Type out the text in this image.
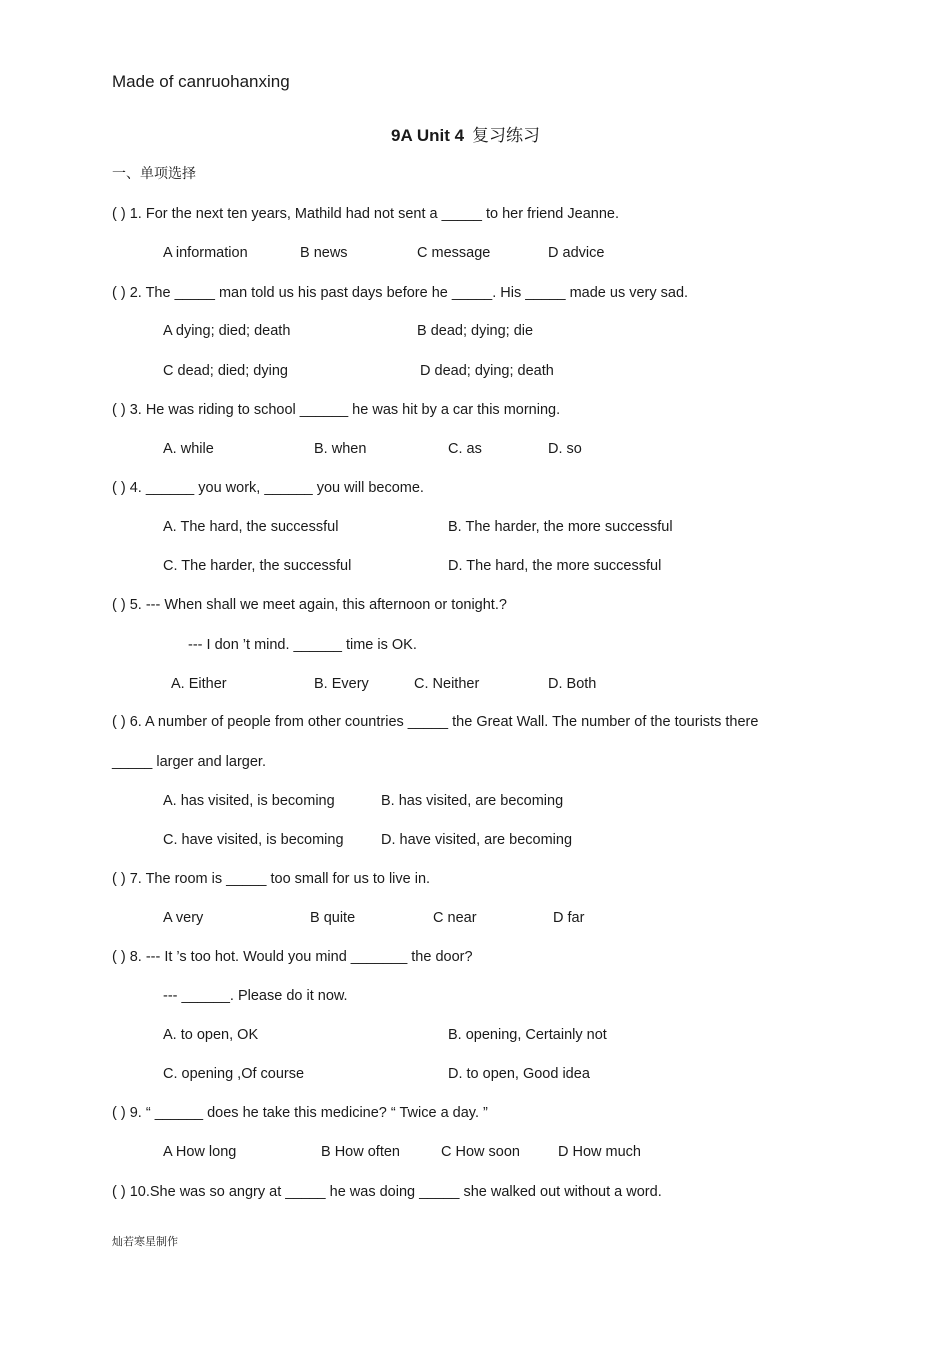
Made of canruohanxing
9A Unit 4 复习练习
一、单项选择
( ) 1. For the next ten years, Mathild had not sent a _____ to her friend Jeanne.
A information	B news	C message	D advice
( ) 2. The _____ man told us his past days before he _____. His _____ made us very sad.
A dying; died; death	B dead; dying; die
C dead; died; dying	D dead; dying; death
( ) 3. He was riding to school ______ he was hit by a car this morning.
A. while	B. when	C. as	D. so
( ) 4. ______ you work, ______ you will become.
A. The hard, the successful	B. The harder, the more successful
C. The harder, the successful	D. The hard, the more successful
( ) 5. --- When shall we meet again, this afternoon or tonight.?
--- I don ’t mind. ______ time is OK.
A. Either	B. Every	C. Neither	D. Both
( ) 6. A number of people from other countries _____ the Great Wall. The number of the tourists there
_____ larger and larger.
A. has visited, is becoming	B. has visited, are becoming
C. have visited, is becoming	D. have visited, are becoming
( ) 7. The room is _____ too small for us to live in.
A very	B quite	C near	D far
( ) 8. --- It ’s too hot. Would you mind _______ the door?
--- ______. Please do it now.
A. to open, OK	B. opening, Certainly not
C. opening ,Of course	D. to open, Good idea
( ) 9. “ ______ does he take this medicine? “ Twice a day. ”
A How long	B How often	C How soon	D How much
( ) 10.She was so angry at _____ he was doing _____ she walked out without a word.
灿若寒星制作
